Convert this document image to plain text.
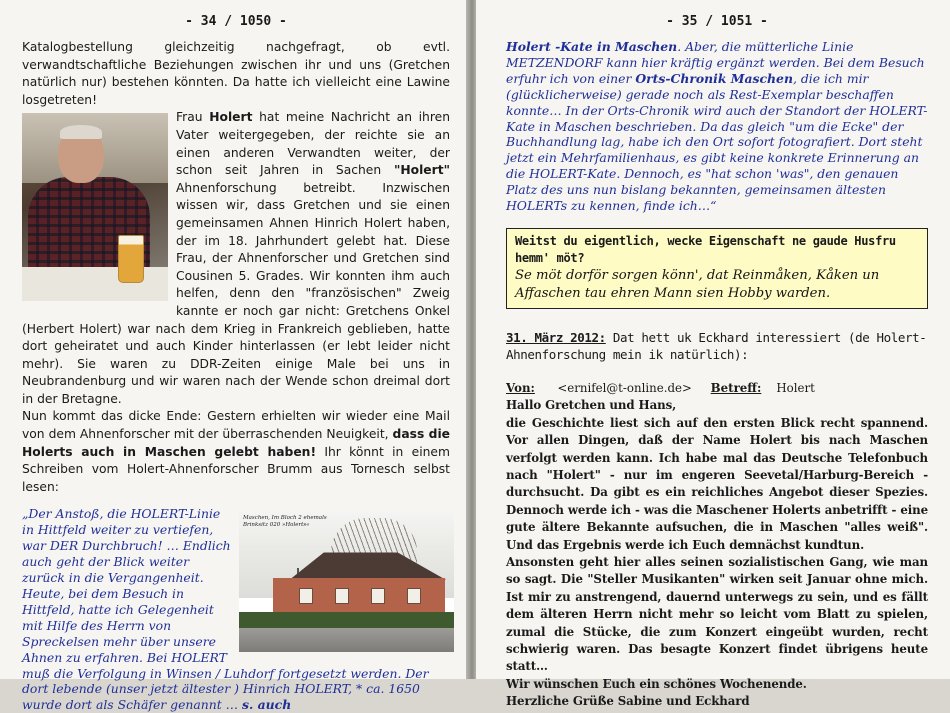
- 34 / 1050 -

Katalogbestellung gleichzeitig nachgefragt, ob evtl. verwandtschaftliche Beziehungen zwischen ihr und uns (Gretchen natürlich nur) bestehen könnten. Da hatte ich vielleicht eine Lawine losgetreten!

Frau Holert hat meine Nachricht an ihren Vater weitergegeben, der reichte sie an einen anderen Verwandten weiter, der schon seit Jahren in Sachen "Holert" Ahnenforschung betreibt. Inzwischen wissen wir, dass Gretchen und sie einen gemeinsamen Ahnen Hinrich Holert haben, der im 18. Jahrhundert gelebt hat. Diese Frau, der Ahnenforscher und Gretchen sind Cousinen 5. Grades. Wir konnten ihm auch helfen, denn den "französischen" Zweig kannte er noch gar nicht: Gretchens Onkel (Herbert Holert) war nach dem Krieg in Frankreich geblieben, hatte dort geheiratet und auch Kinder hinterlassen (er lebt leider nicht mehr). Sie waren zu DDR-Zeiten einige Male bei uns in Neubrandenburg und wir waren nach der Wende schon dreimal dort in der Bretagne.

Nun kommt das dicke Ende: Gestern erhielten wir wieder eine Mail von dem Ahnenforscher mit der überraschenden Neuigkeit, dass die Holerts auch in Maschen gelebt haben! Ihr könnt in einem Schreiben vom Holert-Ahnenforscher Brumm aus Tornesch selbst lesen:

Maschen, Im Bloch 2 ehemals Brinksitz 020 »Holerts«
„Der Anstoß, die HOLERT-Linie in Hittfeld weiter zu vertiefen, war DER Durchbruch! … Endlich auch geht der Blick weiter zurück in die Vergangenheit. Heute, bei dem Besuch in Hittfeld, hatte ich Gelegenheit mit Hilfe des Herrn von Spreckelsen mehr über unsere Ahnen zu erfahren. Bei HOLERT muß die Verfolgung in Winsen / Luhdorf fortgesetzt werden. Der dort lebende (unser jetzt ältester ) Hinrich HOLERT, * ca. 1650 wurde dort als Schäfer genannt … s. auch
- 35 / 1051 -
Holert -Kate in Maschen. Aber, die mütterliche Linie METZENDORF kann hier kräftig ergänzt werden. Bei dem Besuch erfuhr ich von einer Orts-Chronik Maschen, die ich mir (glücklicherweise) gerade noch als Rest-Exemplar beschaffen konnte… In der Orts-Chronik wird auch der Standort der HOLERT-Kate in Maschen beschrieben. Da das gleich "um die Ecke" der Buchhandlung lag, habe ich den Ort sofort fotografiert. Dort steht jetzt ein Mehrfamilienhaus, es gibt keine konkrete Erinnerung an die HOLERT-Kate. Dennoch, es "hat schon 'was", den genauen Platz des uns nun bislang bekannten, gemeinsamen ältesten HOLERTs zu kennen, finde ich…“
Weitst du eigentlich, wecke Eigenschaft ne gaude Husfru hemm' möt?
Se möt dorför sorgen könn', dat Reinmåken, Kåken un Affaschen tau ehren Mann sien Hobby warden.

31. März 2012: Dat hett uk Eckhard interessiert (de Holert-Ahnenforschung mein ik natürlich):

Von: <ernifel@t-online.de> Betreff: Holert

Hallo Gretchen und Hans,

die Geschichte liest sich auf den ersten Blick recht spannend. Vor allen Dingen, daß der Name Holert bis nach Maschen verfolgt werden kann. Ich habe mal das Deutsche Telefonbuch nach "Holert" - nur im engeren Seevetal/Harburg-Bereich - durchsucht. Da gibt es ein reichliches Angebot dieser Spezies. Dennoch werde ich - was die Maschener Holerts anbetrifft - eine gute ältere Bekannte aufsuchen, die in Maschen "alles weiß". Und das Ergebnis werde ich Euch demnächst kundtun.

Ansonsten geht hier alles seinen sozialistischen Gang, wie man so sagt. Die "Steller Musikanten" wirken seit Januar ohne mich. Ist mir zu anstrengend, dauernd unterwegs zu sein, und es fällt dem älteren Herrn nicht mehr so leicht vom Blatt zu spielen, zumal die Stücke, die zum Konzert eingeübt wurden, recht schwierig waren. Das besagte Konzert findet übrigens heute statt…

Wir wünschen Euch ein schönes Wochenende.

Herzliche Grüße Sabine und Eckhard
